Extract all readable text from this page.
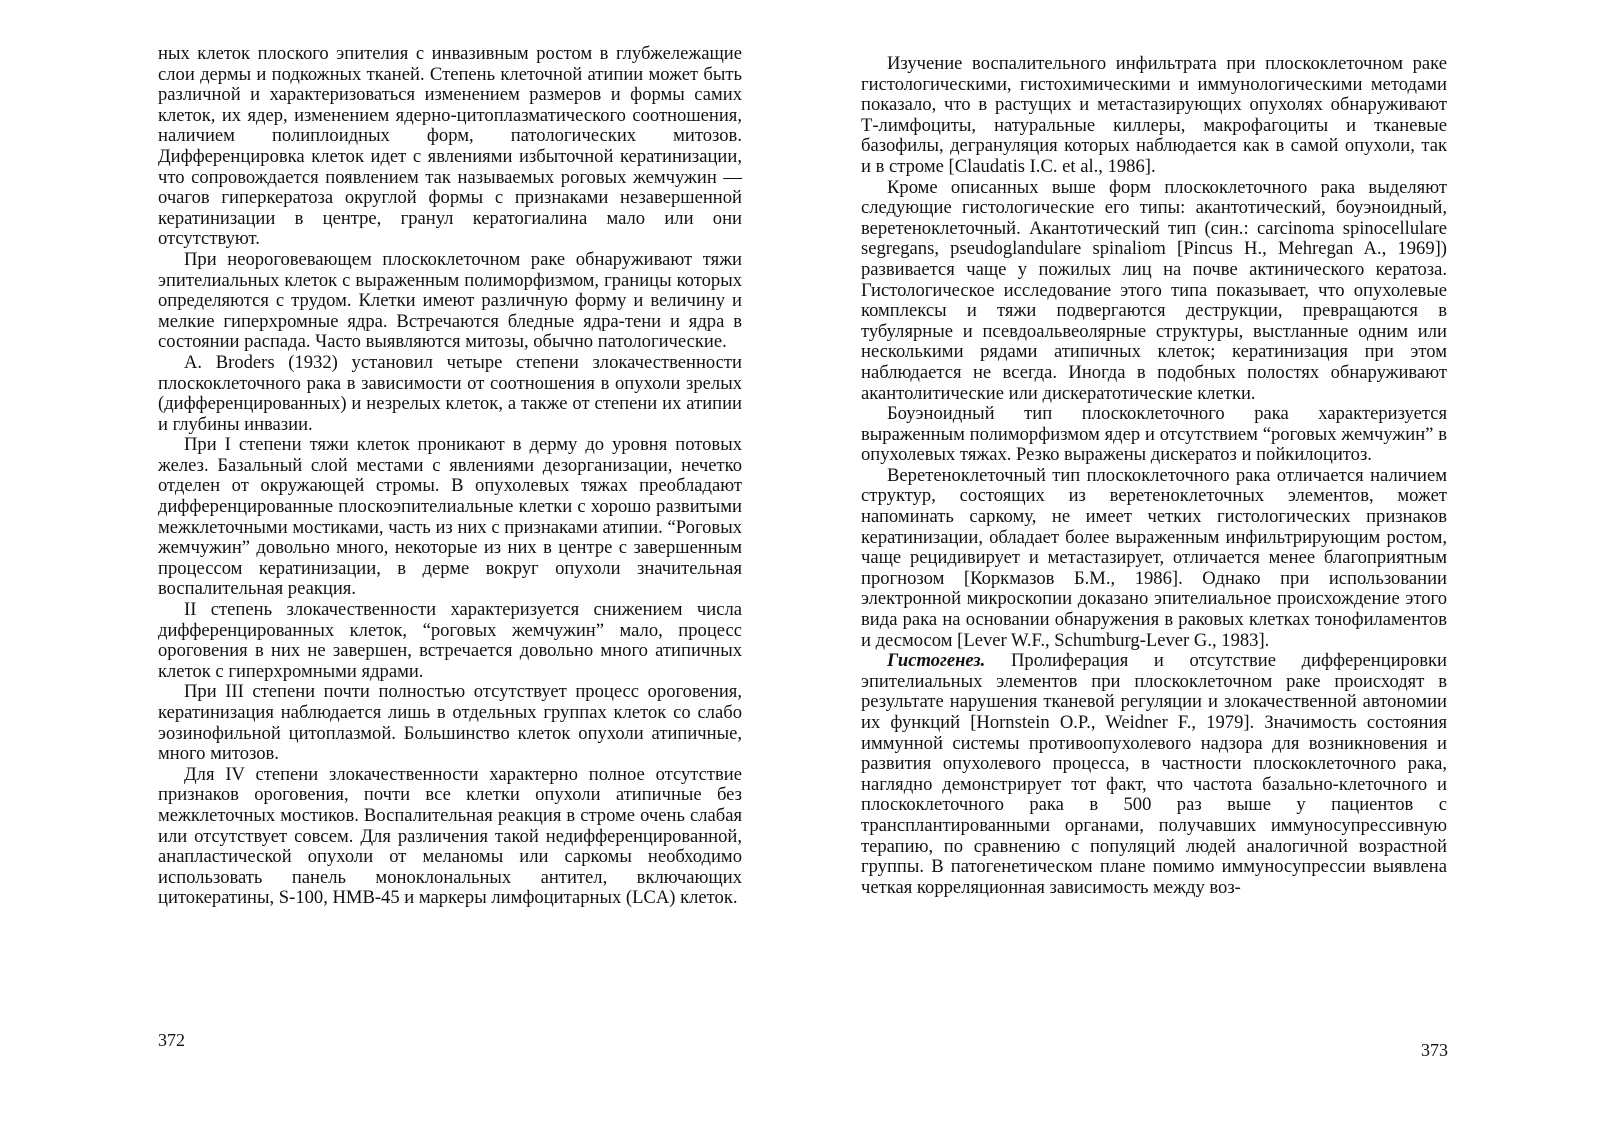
ных клеток плоского эпителия с инвазивным ростом в глубжележащие слои дермы и подкожных тканей. Степень клеточной атипии может быть различной и характеризоваться изменением размеров и формы самих клеток, их ядер, изменением ядерно-цитоплазматического соотношения, наличием полиплоидных форм, патологических митозов. Дифференцировка клеток идет с явлениями избыточной кератинизации, что сопровождается появлением так называемых роговых жемчужин — очагов гиперкератоза округлой формы с признаками незавершенной кератинизации в центре, гранул кератогиалина мало или они отсутствуют.

При неороговевающем плоскоклеточном раке обнаруживают тяжи эпителиальных клеток с выраженным полиморфизмом, границы которых определяются с трудом. Клетки имеют различную форму и величину и мелкие гиперхромные ядра. Встречаются бледные ядра-тени и ядра в состоянии распада. Часто выявляются митозы, обычно патологические.

A. Broders (1932) установил четыре степени злокачественности плоскоклеточного рака в зависимости от соотношения в опухоли зрелых (дифференцированных) и незрелых клеток, а также от степени их атипии и глубины инвазии.

При I степени тяжи клеток проникают в дерму до уровня потовых желез. Базальный слой местами с явлениями дезорганизации, нечетко отделен от окружающей стромы. В опухолевых тяжах преобладают дифференцированные плоскоэпителиальные клетки с хорошо развитыми межклеточными мостиками, часть из них с признаками атипии. “Роговых жемчужин” довольно много, некоторые из них в центре с завершенным процессом кератинизации, в дерме вокруг опухоли значительная воспалительная реакция.

II степень злокачественности характеризуется снижением числа дифференцированных клеток, “роговых жемчужин” мало, процесс ороговения в них не завершен, встречается довольно много атипичных клеток с гиперхромными ядрами.

При III степени почти полностью отсутствует процесс ороговения, кератинизация наблюдается лишь в отдельных группах клеток со слабо эозинофильной цитоплазмой. Большинство клеток опухоли атипичные, много митозов.

Для IV степени злокачественности характерно полное отсутствие признаков ороговения, почти все клетки опухоли атипичные без межклеточных мостиков. Воспалительная реакция в строме очень слабая или отсутствует совсем. Для различения такой недифференцированной, анапластической опухоли от меланомы или саркомы необходимо использовать панель моноклональных антител, включающих цитокератины, S-100, HMB-45 и маркеры лимфоцитарных (LCA) клеток.

372

Изучение воспалительного инфильтрата при плоскоклеточном раке гистологическими, гистохимическими и иммунологическими методами показало, что в растущих и метастазирующих опухолях обнаруживают Т-лимфоциты, натуральные киллеры, макрофагоциты и тканевые базофилы, дегрануляция которых наблюдается как в самой опухоли, так и в строме [Claudatis I.C. et al., 1986].

Кроме описанных выше форм плоскоклеточного рака выделяют следующие гистологические его типы: акантотический, боуэноидный, веретеноклеточный. Акантотический тип (син.: carcinoma spinocellulare segregans, pseudoglandulare spinaliom [Pincus H., Mehregan A., 1969]) развивается чаще у пожилых лиц на почве актинического кератоза. Гистологическое исследование этого типа показывает, что опухолевые комплексы и тяжи подвергаются деструкции, превращаются в тубулярные и псевдоальвеолярные структуры, выстланные одним или несколькими рядами атипичных клеток; кератинизация при этом наблюдается не всегда. Иногда в подобных полостях обнаруживают акантолитические или дискератотические клетки.

Боуэноидный тип плоскоклеточного рака характеризуется выраженным полиморфизмом ядер и отсутствием “роговых жемчужин” в опухолевых тяжах. Резко выражены дискератоз и пойкилоцитоз.

Веретеноклеточный тип плоскоклеточного рака отличается наличием структур, состоящих из веретеноклеточных элементов, может напоминать саркому, не имеет четких гистологических признаков кератинизации, обладает более выраженным инфильтрирующим ростом, чаще рецидивирует и метастазирует, отличается менее благоприятным прогнозом [Коркмазов Б.М., 1986]. Однако при использовании электронной микроскопии доказано эпителиальное происхождение этого вида рака на основании обнаружения в раковых клетках тонофиламентов и десмосом [Lever W.F., Schumburg-Lever G., 1983].

Гистогенез. Пролиферация и отсутствие дифференцировки эпителиальных элементов при плоскоклеточном раке происходят в результате нарушения тканевой регуляции и злокачественной автономии их функций [Hornstein O.P., Weidner F., 1979]. Значимость состояния иммунной системы противоопухолевого надзора для возникновения и развития опухолевого процесса, в частности плоскоклеточного рака, наглядно демонстрирует тот факт, что частота базально-клеточного и плоскоклеточного рака в 500 раз выше у пациентов с трансплантированными органами, получавших иммуносупрессивную терапию, по сравнению с популяций людей аналогичной возрастной группы. В патогенетическом плане помимо иммуносупрессии выявлена четкая корреляционная зависимость между воз-

373
